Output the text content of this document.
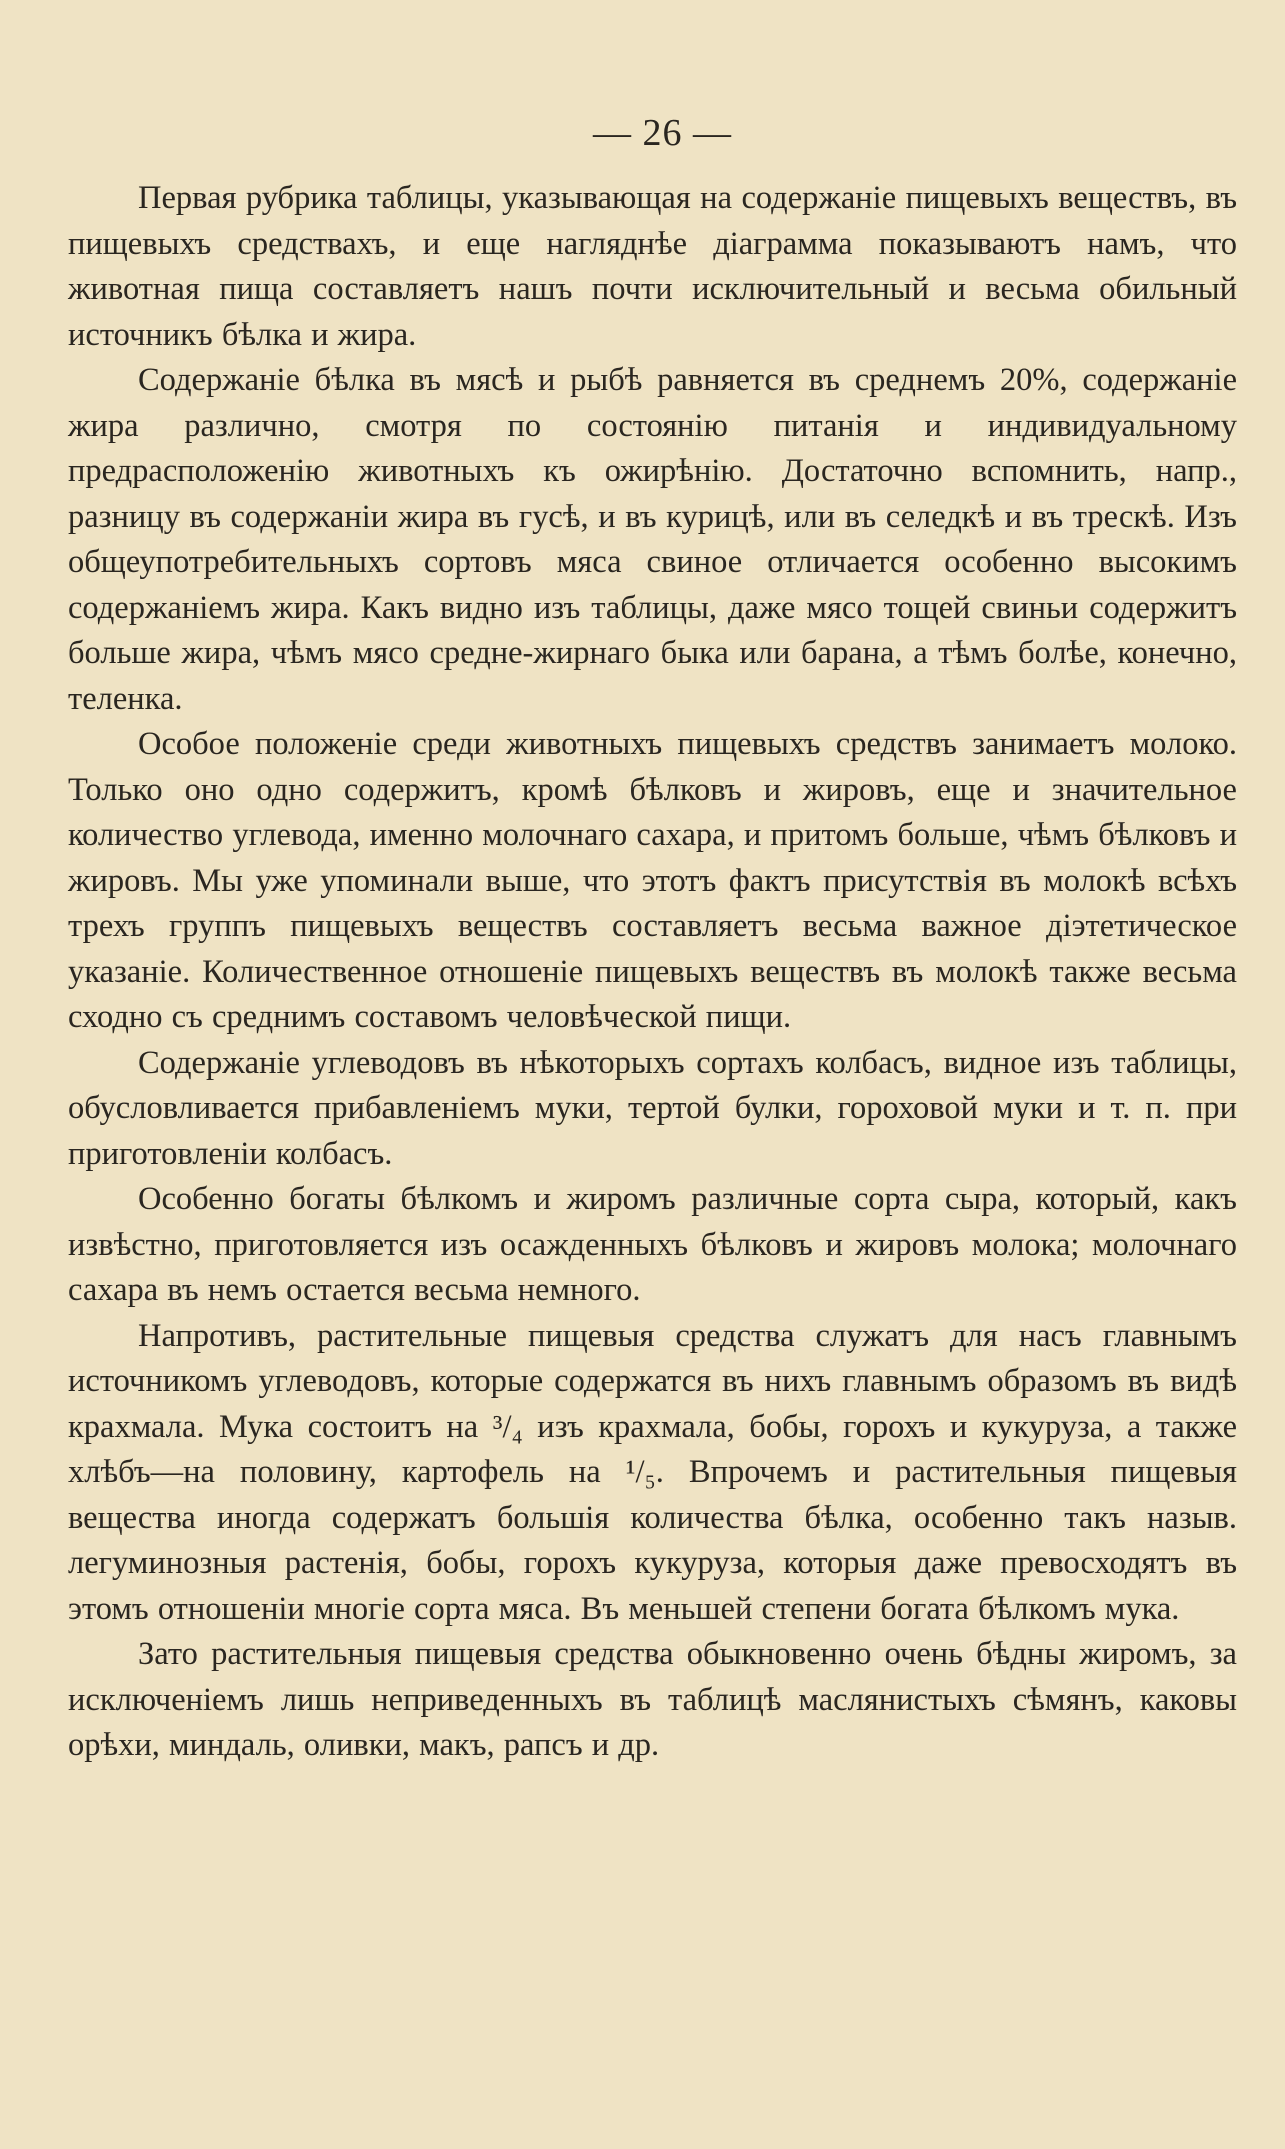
— 26 —

Первая рубрика таблицы, указывающая на содержанiе пищевыхъ веществъ, въ пищевыхъ средствахъ, и еще нагляднѣе дiаграмма показываютъ намъ, что животная пища составляетъ нашъ почти исключительный и весьма обильный источникъ бѣлка и жира.

Содержанiе бѣлка въ мясѣ и рыбѣ равняется въ среднемъ 20%, содержанiе жира различно, смотря по состоянiю питанiя и индивидуальному предрасположенiю животныхъ къ ожирѣнiю. Достаточно вспомнить, напр., разницу въ содержанiи жира въ гусѣ, и въ курицѣ, или въ селедкѣ и въ трескѣ. Изъ общеупотребительныхъ сортовъ мяса свиное отличается особенно высокимъ содержанiемъ жира. Какъ видно изъ таблицы, даже мясо тощей свиньи содержитъ больше жира, чѣмъ мясо средне-жирнаго быка или барана, а тѣмъ болѣе, конечно, теленка.

Особое положенiе среди животныхъ пищевыхъ средствъ занимаетъ молоко. Только оно одно содержитъ, кромѣ бѣлковъ и жировъ, еще и значительное количество углевода, именно молочнаго сахара, и притомъ больше, чѣмъ бѣлковъ и жировъ. Мы уже упоминали выше, что этотъ фактъ присутствiя въ молокѣ всѣхъ трехъ группъ пищевыхъ веществъ составляетъ весьма важное дiэтетическое указанiе. Количественное отношенiе пищевыхъ веществъ въ молокѣ также весьма сходно съ среднимъ составомъ человѣческой пищи.

Содержанiе углеводовъ въ нѣкоторыхъ сортахъ колбасъ, видное изъ таблицы, обусловливается прибавленiемъ муки, тертой булки, гороховой муки и т. п. при приготовленiи колбасъ.

Особенно богаты бѣлкомъ и жиромъ различные сорта сыра, который, какъ извѣстно, приготовляется изъ осажденныхъ бѣлковъ и жировъ молока; молочнаго сахара въ немъ остается весьма немного.

Напротивъ, растительные пищевыя средства служатъ для насъ главнымъ источникомъ углеводовъ, которые содержатся въ нихъ главнымъ образомъ въ видѣ крахмала. Мука состоитъ на ³/₄ изъ крахмала, бобы, горохъ и кукуруза, а также хлѣбъ—на половину, картофель на ¹/₅. Впрочемъ и растительныя пищевыя вещества иногда содержатъ большiя количества бѣлка, особенно такъ назыв. легуминозныя растенiя, бобы, горохъ кукуруза, которыя даже превосходятъ въ этомъ отношенiи многiе сорта мяса. Въ меньшей степени богата бѣлкомъ мука.

Зато растительныя пищевыя средства обыкновенно очень бѣдны жиромъ, за исключенiемъ лишь неприведенныхъ въ таблицѣ маслянистыхъ сѣмянъ, каковы орѣхи, миндаль, оливки, макъ, рапсъ и др.
